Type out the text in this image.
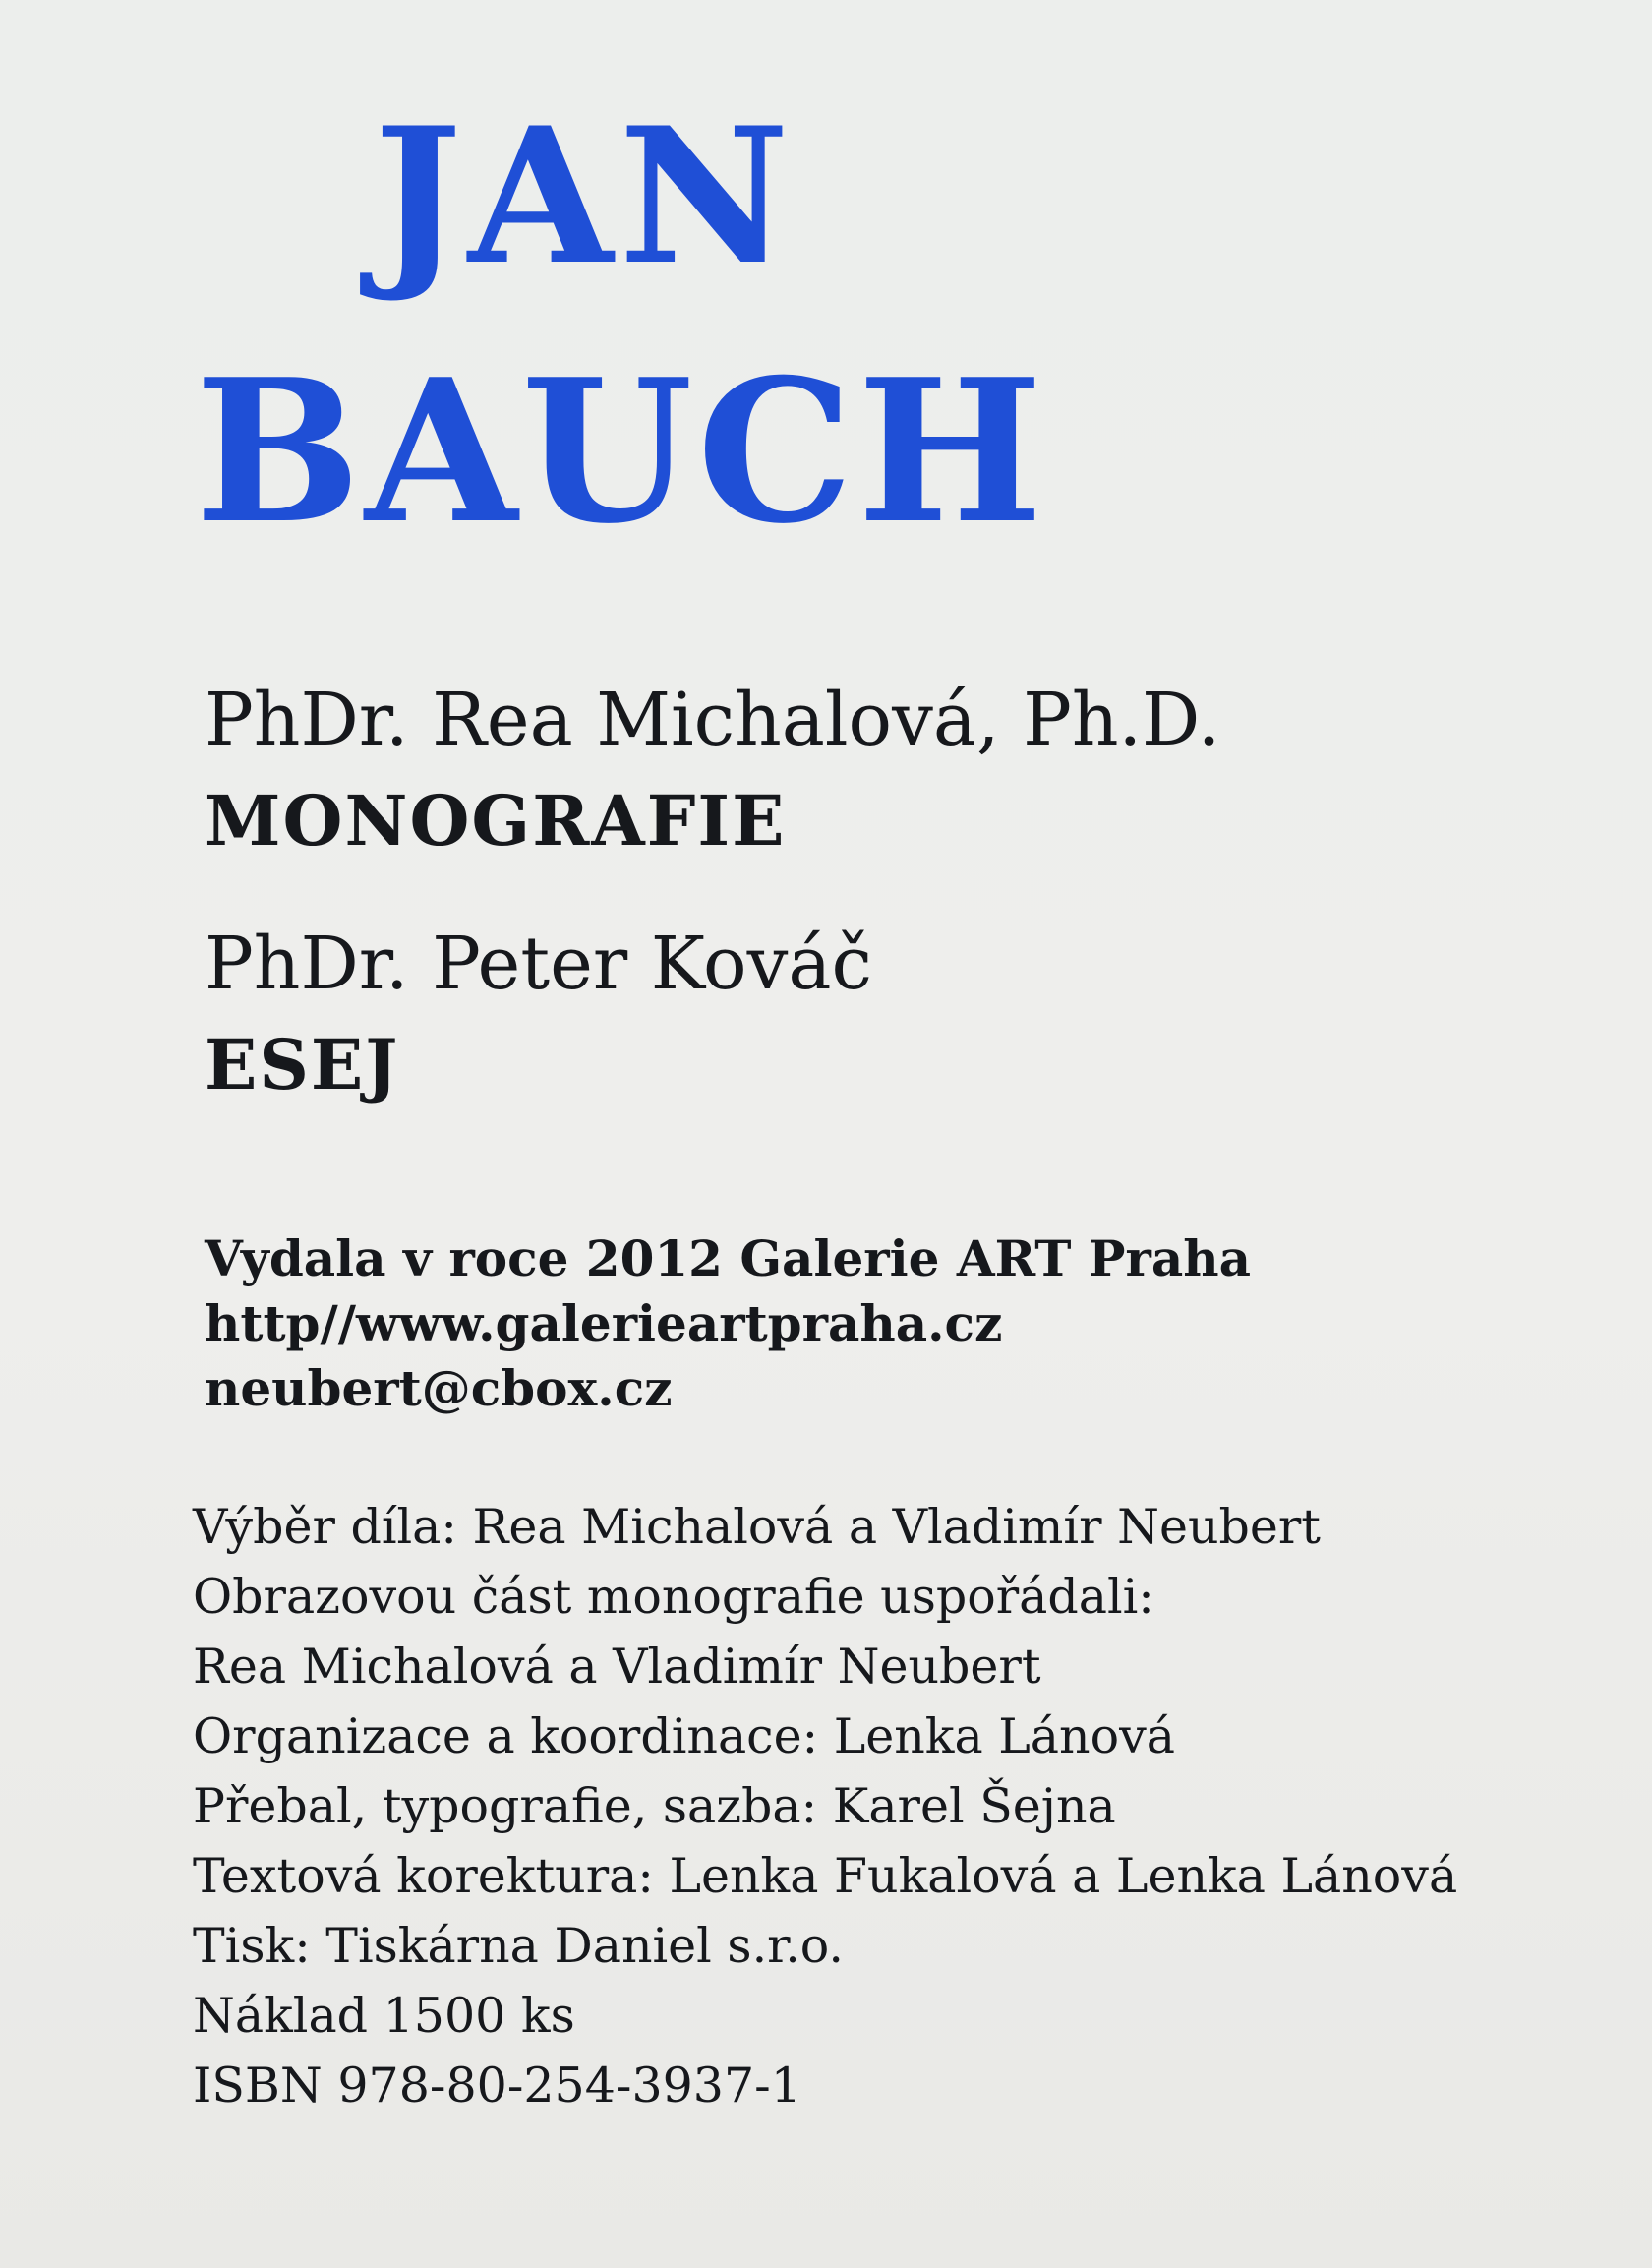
JAN
BAUCH

PhDr. Rea Michalová, Ph.D.

MONOGRAFIE

PhDr. Peter Kováč

ESEJ

Vydala v roce 2012 Galerie ART Praha
http//www.galerieartpraha.cz
neubert@cbox.cz
Výběr díla: Rea Michalová a Vladimír Neubert
Obrazovou část monografie uspořádali:
Rea Michalová a Vladimír Neubert
Organizace a koordinace: Lenka Lánová
Přebal, typografie, sazba: Karel Šejna
Textová korektura: Lenka Fukalová a Lenka Lánová
Tisk: Tiskárna Daniel s.r.o.
Náklad 1500 ks
ISBN 978-80-254-3937-1
